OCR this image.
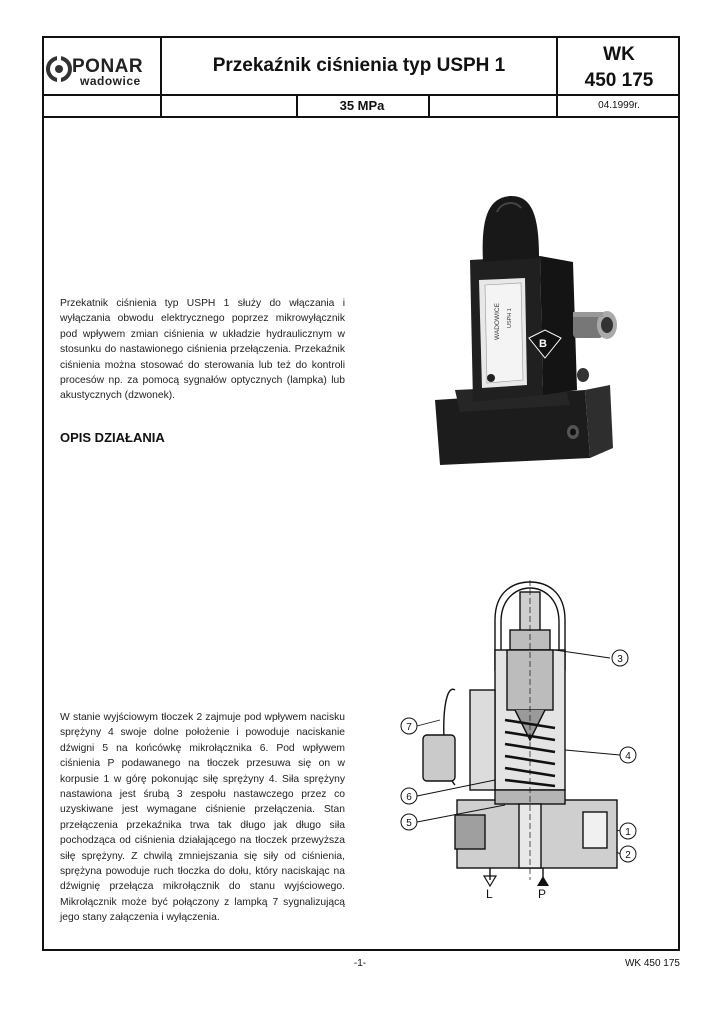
PONAR
wadowice
Przekaźnik ciśnienia typ USPH 1
WK
450 175
35 MPa	04.1999r.
Przekatnik ciśnienia typ USPH 1 służy do włączania i wyłączania obwodu elektrycznego poprzez mikrowyłącznik pod wpływem zmian ciśnienia w układzie hydraulicznym w stosunku do nastawionego ciśnienia przełączenia. Przekaźnik ciśnienia można stosować do sterowania lub też do kontroli procesów np. za pomocą sygnałów optycznych (lampka) lub akustycznych (dzwonek).
OPIS DZIAŁANIA
W stanie wyjściowym tłoczek 2 zajmuje pod wpływem nacisku sprężyny 4 swoje dolne położenie i powoduje naciskanie dźwigni 5 na końcówkę mikrołącznika 6. Pod wpływem ciśnienia P podawanego na tłoczek przesuwa się on w korpusie 1 w górę pokonując siłę sprężyny 4. Siła sprężyny nastawiona jest śrubą 3 zespołu nastawczego przez co uzyskiwane jest wymagane ciśnienie przełączenia. Stan przełączenia przekaźnika trwa tak długo jak długo siła pochodząca od ciśnienia działającego na tłoczek przewyższa siłę sprężyny. Z chwilą zmniejszania się siły od ciśnienia, sprężyna powoduje ruch tłoczka do dołu, który naciskając na dźwignię przełącza mikrołącznik do stanu wyjściowego. Mikrołącznik może być połączony z lampką 7 sygnalizującą jego stany załączenia i wyłączenia.
WADOWICE USPH 1
B
L	P
1
2
3
4
5
6
7
-1-	WK 450 175
